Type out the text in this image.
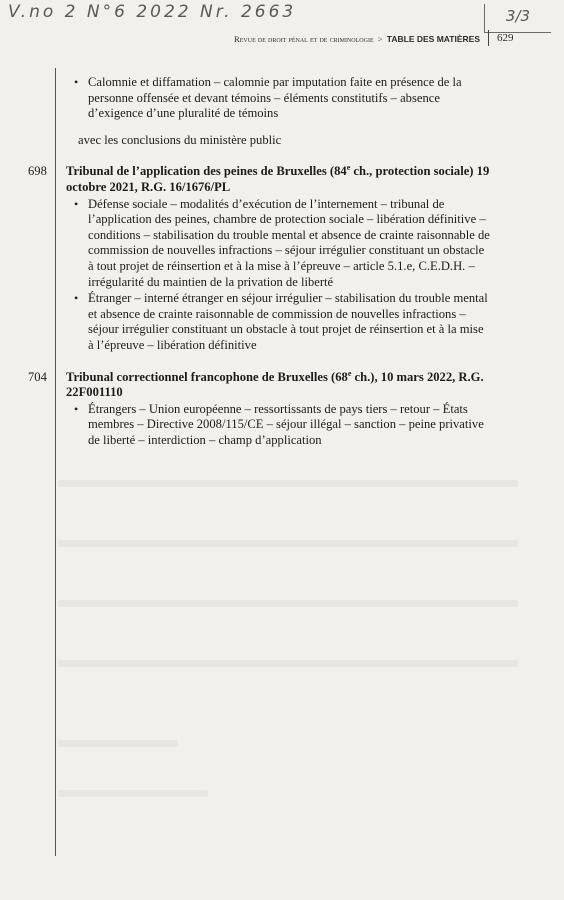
V.no 2 N°6 2022 Nr. 2663	3/3
Revue de droit pénal et de criminologie > TABLE DES MATIÈRES	629

• Calomnie et diffamation – calomnie par imputation faite en présence de la personne offensée et devant témoins – éléments constitutifs – absence d’exigence d’une pluralité de témoins

avec les conclusions du ministère public

698 Tribunal de l’application des peines de Bruxelles (84e ch., protection sociale) 19 octobre 2021, R.G. 16/1676/PL

• Défense sociale – modalités d’exécution de l’internement – tribunal de l’application des peines, chambre de protection sociale – libération définitive – conditions – stabilisation du trouble mental et absence de crainte raisonnable de commission de nouvelles infractions – séjour irrégulier constituant un obstacle à tout projet de réinsertion et à la mise à l’épreuve – article 5.1.e, C.E.D.H. – irrégularité du maintien de la privation de liberté

• Étranger – interné étranger en séjour irrégulier – stabilisation du trouble mental et absence de crainte raisonnable de commission de nouvelles infractions – séjour irrégulier constituant un obstacle à tout projet de réinsertion et à la mise à l’épreuve – libération définitive

704 Tribunal correctionnel francophone de Bruxelles (68e ch.), 10 mars 2022, R.G. 22F001110

• Étrangers – Union européenne – ressortissants de pays tiers – retour – États membres – Directive 2008/115/CE – séjour illégal – sanction – peine privative de liberté – interdiction – champ d’application
